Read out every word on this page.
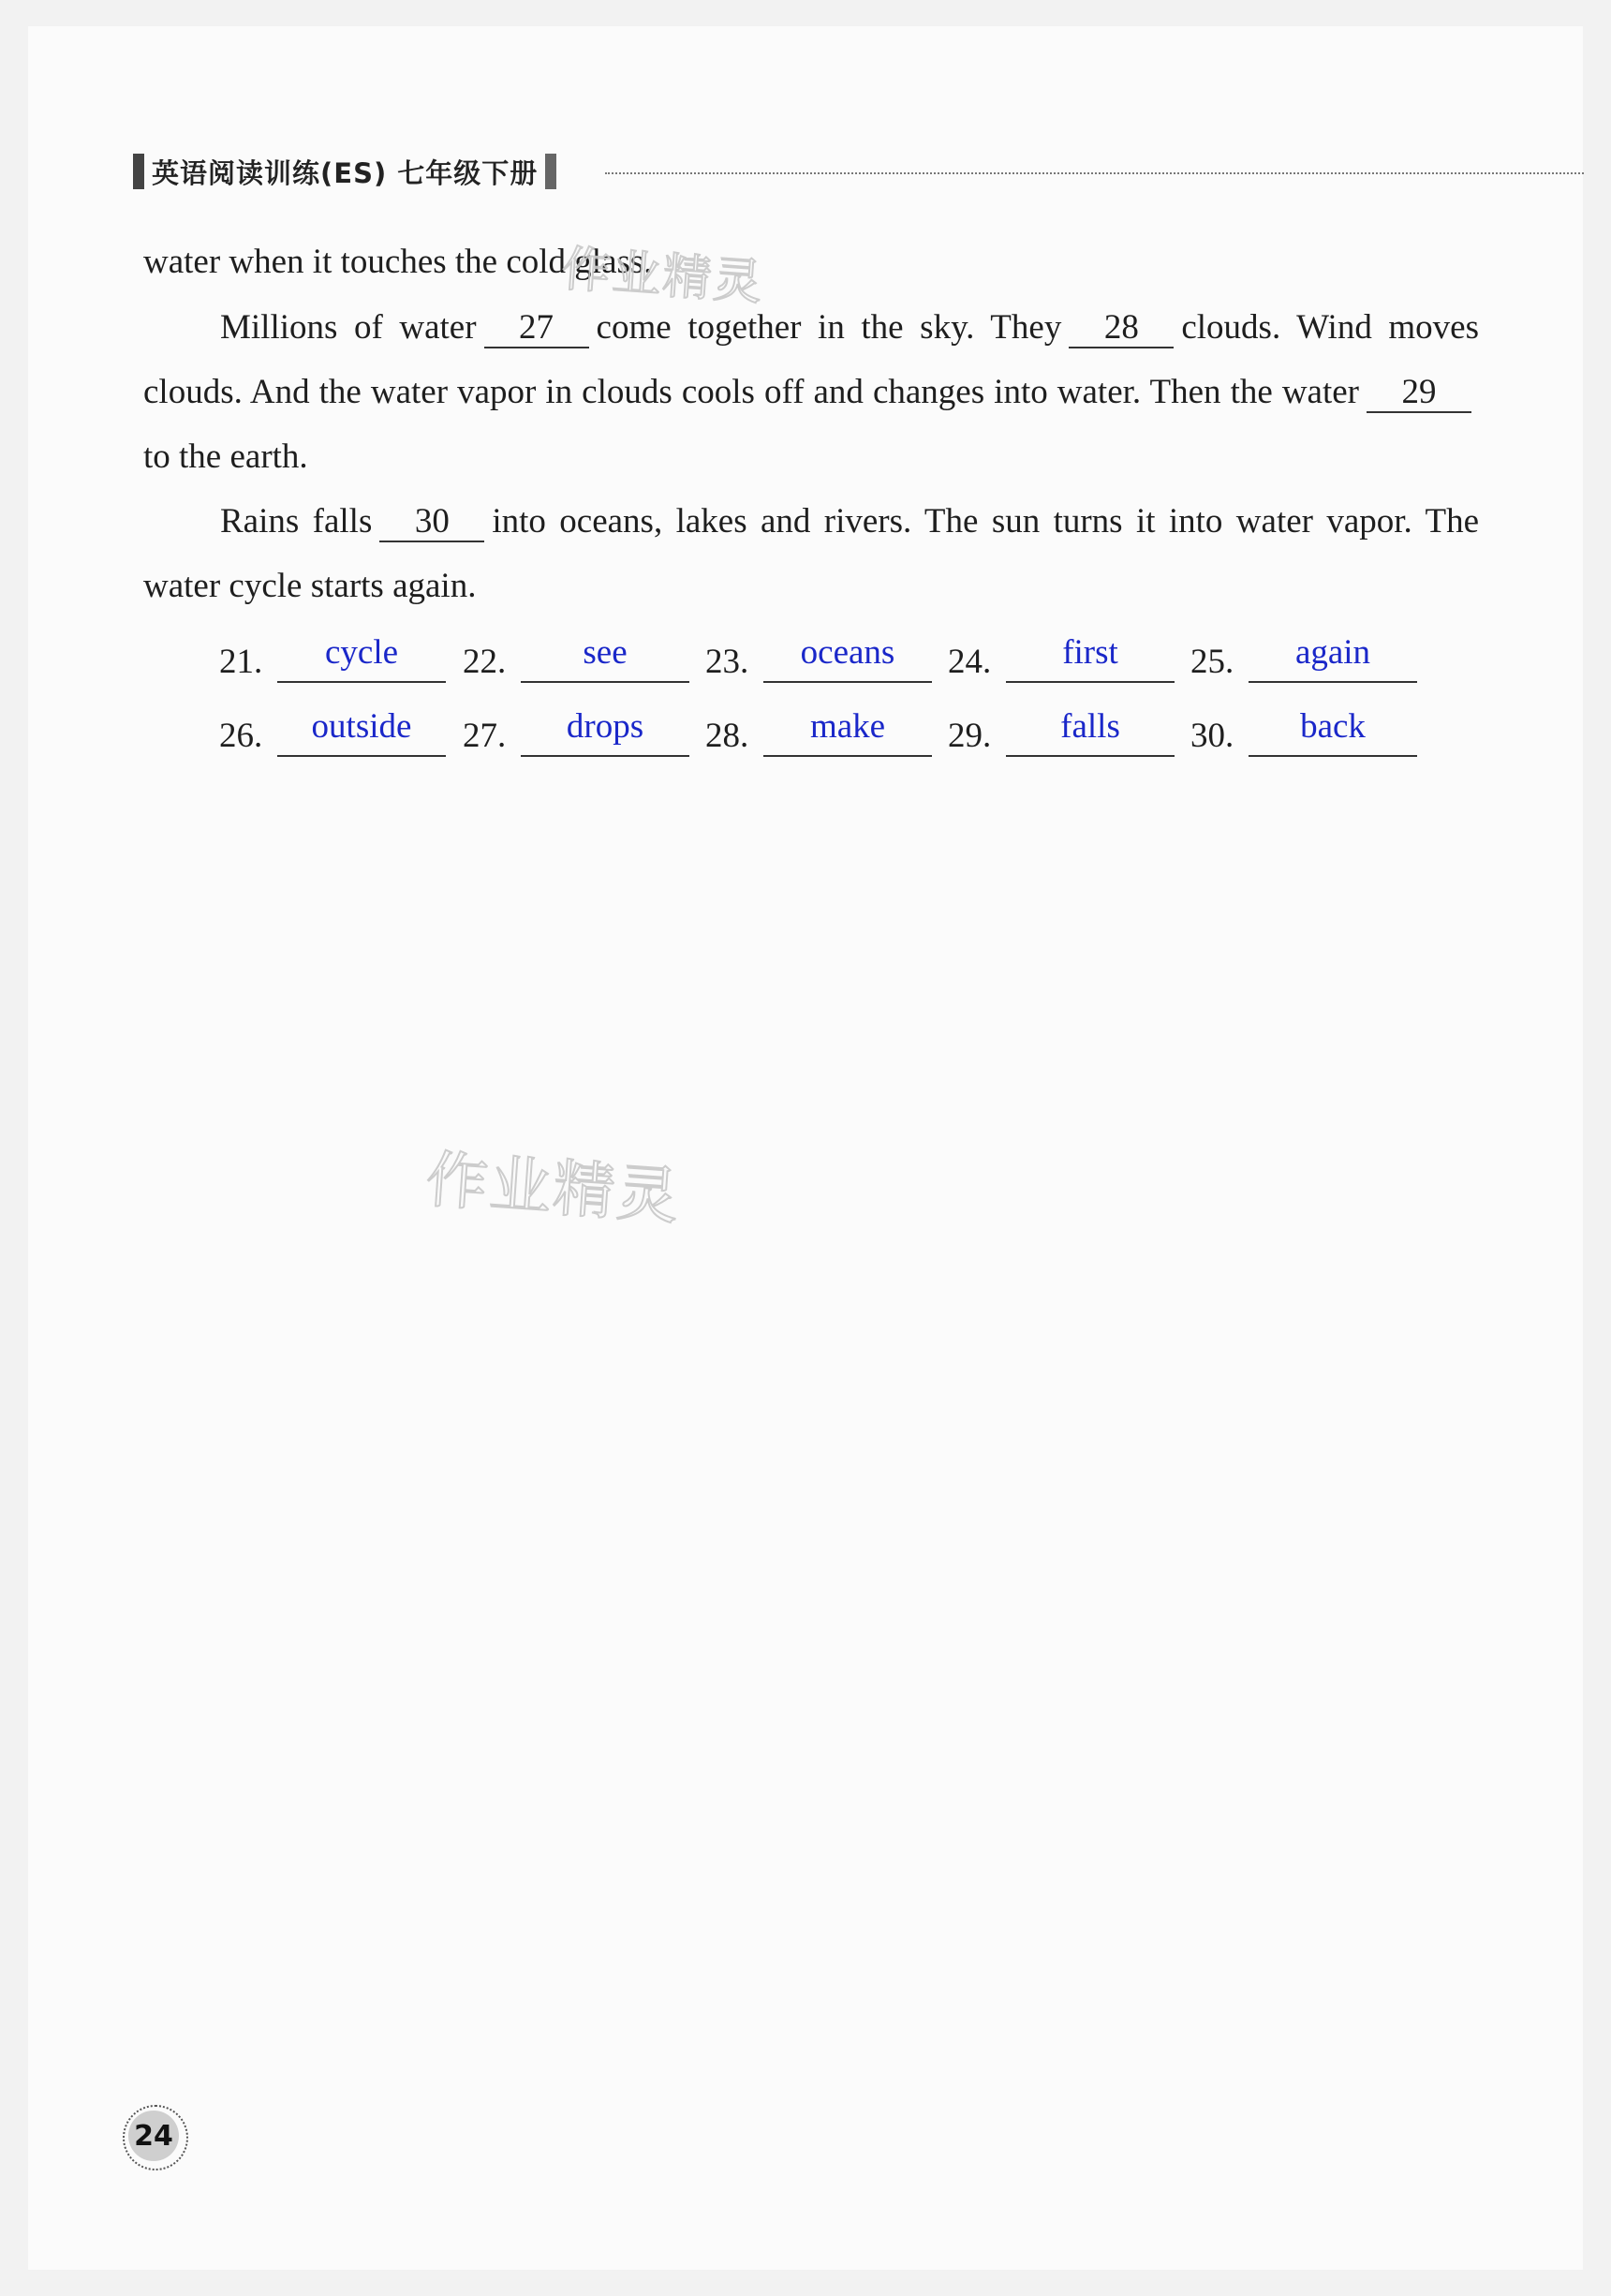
英语阅读训练(ES) 七年级下册
water when it touches the cold glass.
Millions of water 27 come together in the sky. They 28 clouds. Wind moves clouds. And the water vapor in clouds cools off and changes into water. Then the water 29to the earth.
Rains falls 30 into oceans, lakes and rivers. The sun turns it into water vapor. The water cycle starts again.
21.	cycle	22.	see	23.	oceans	24.	first	25.	again
26.	outside	27.	drops	28.	make	29.	falls	30.	back
作业精灵
作业精灵
24
